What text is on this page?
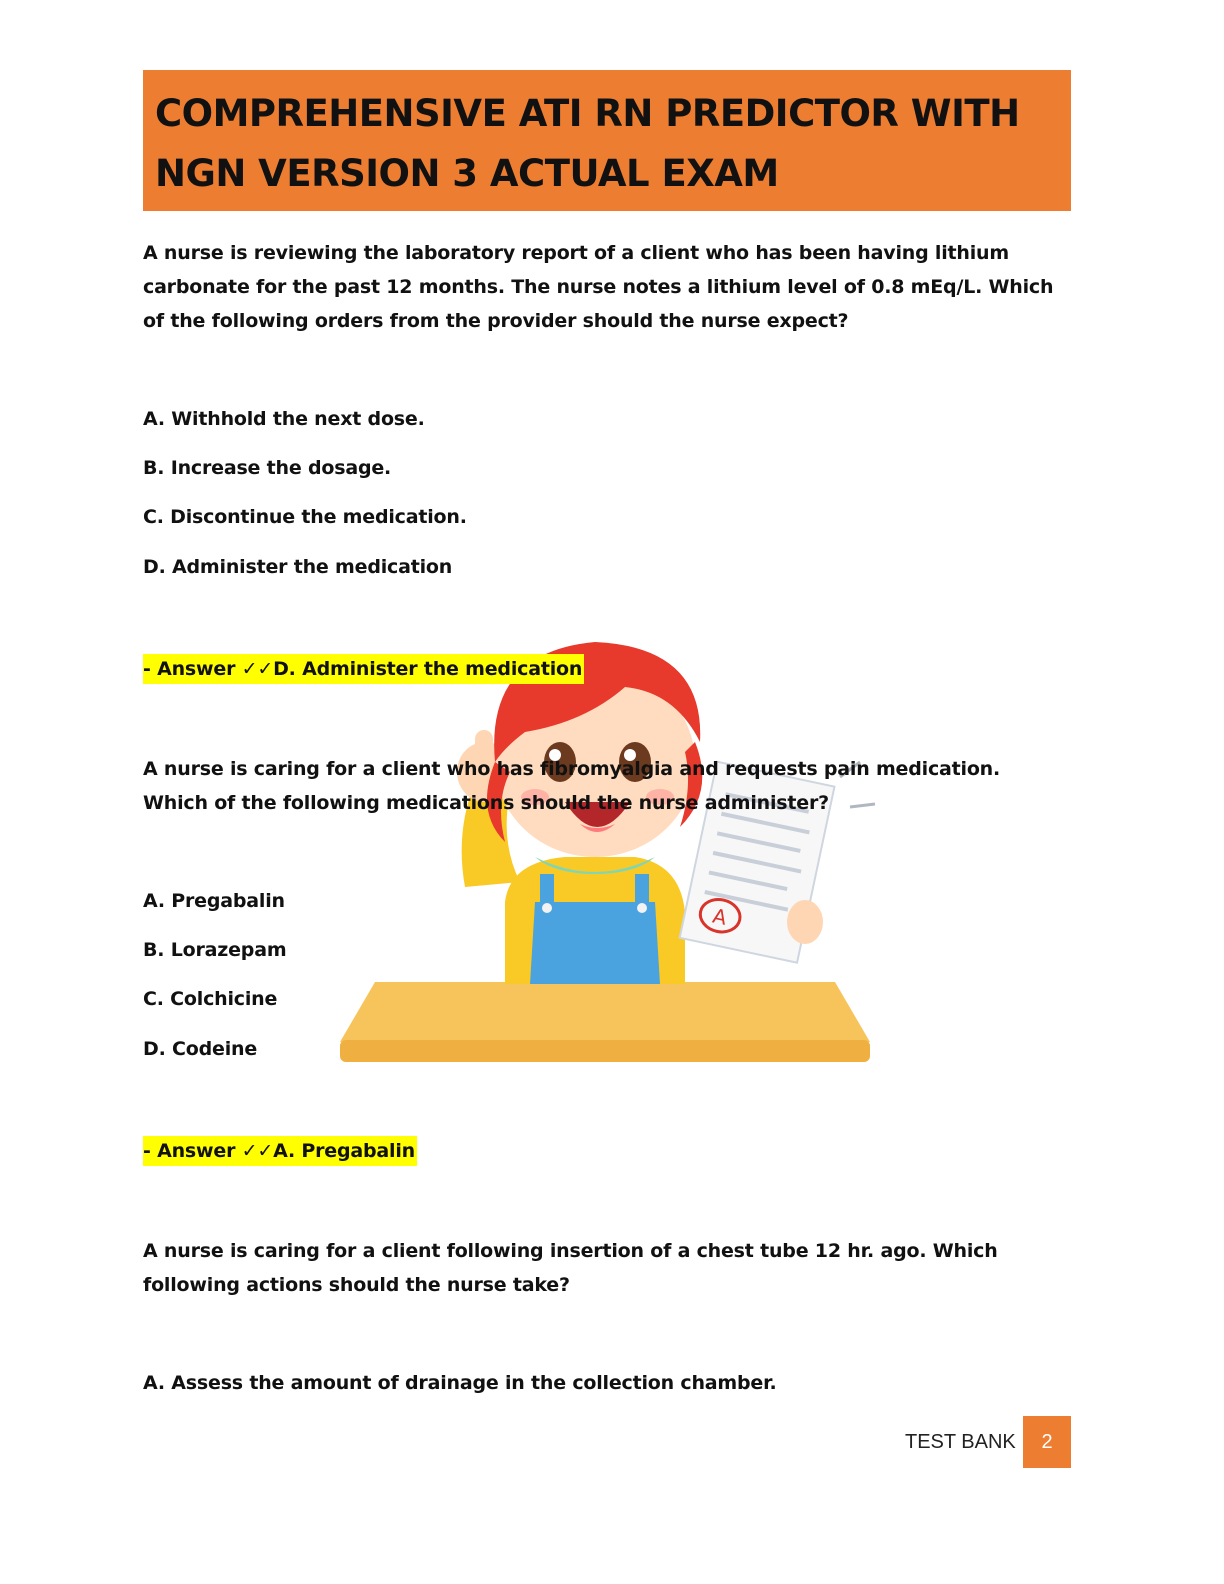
COMPREHENSIVE ATI RN PREDICTOR WITH
NGN VERSION 3 ACTUAL EXAM
A
A nurse is reviewing the laboratory report of a client who has been having lithium carbonate for the past 12 months. The nurse notes a lithium level of 0.8 mEq/L. Which of the following orders from the provider should the nurse expect?
A. Withhold the next dose.
B. Increase the dosage.
C. Discontinue the medication.
D. Administer the medication
- Answer ✓✓D. Administer the medication
A nurse is caring for a client who has fibromyalgia and requests pain medication. Which of the following medications should the nurse administer?
A. Pregabalin
B. Lorazepam
C. Colchicine
D. Codeine
- Answer ✓✓A. Pregabalin
A nurse is caring for a client following insertion of a chest tube 12 hr. ago. Which following actions should the nurse take?
A. Assess the amount of drainage in the collection chamber.
TEST BANK	2
